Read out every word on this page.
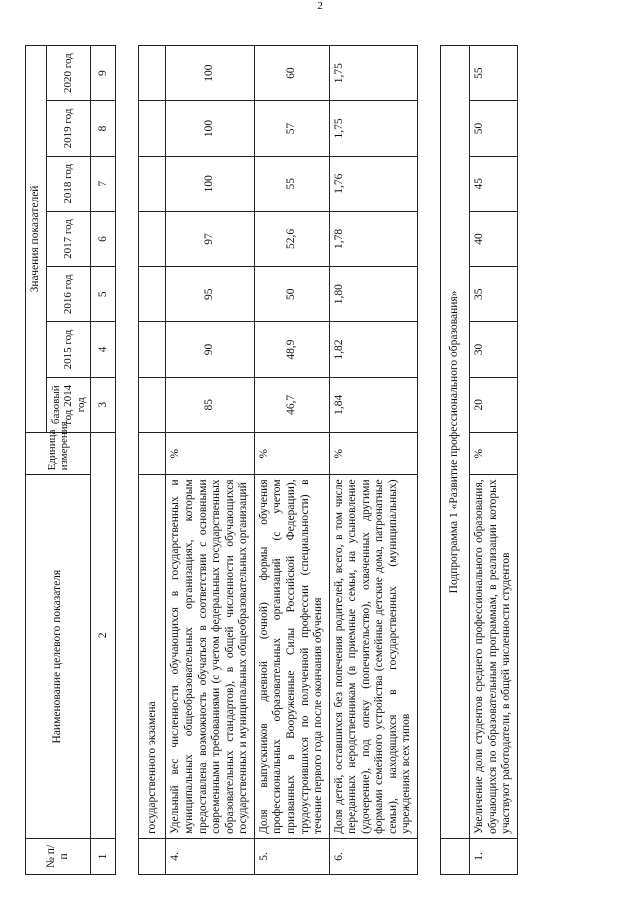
2
№ п/п	Наименование целевого показателя	Единица измерения	Значения показателей						
			базовый год 2014 год	2015 год	2016 год	2017 год	2018 год	2019 год	2020 год
1	2		3	4	5	6	7	8	9

	государственного экзамена								
4.	Удельный вес численности обучающихся в государственных и муниципальных общеобразовательных организациях, которым предоставлена возможность обучаться в соответствии с основными современными требованиями (с учетом федеральных государственных образовательных стандартов), в общей численности обучающихся государственных и муниципальных общеобразовательных организаций	%	85	90	95	97	100	100	100
5.	Доля выпускников дневной (очной) формы обучения профессиональных образовательных организаций (с учетом призванных в Вооруженные Силы Российской Федерации), трудоустроившихся по полученной профессии (специальности) в течение первого года после окончания обучения	%	46,7	48,9	50	52,6	55	57	60
6.	Доля детей, оставшихся без попечения родителей, всего, в том числе переданных неродственникам (в приемные семьи, на усыновление (удочерение), под опеку (попечительство), охваченных другими формами семейного устройства (семейные детские дома, патронатные семьи), находящихся в государственных (муниципальных) учреждениях всех типов	%	1,84	1,82	1,80	1,78	1,76	1,75	1,75

	Подпрограмма 1 «Развитие профессионального образования»								
1.	Увеличение доли студентов среднего профессионального образования, обучающихся по образовательным программам, в реализации которых участвуют работодатели, в общей численности студентов	%	20	30	35	40	45	50	55
